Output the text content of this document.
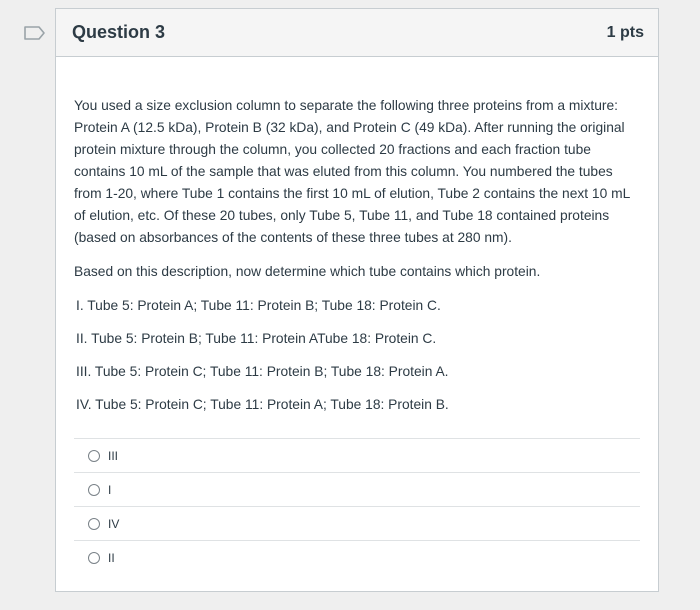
Question 3	1 pts

You used a size exclusion column to separate the following three proteins from a mixture: Protein A (12.5 kDa), Protein B (32 kDa), and Protein C (49 kDa). After running the original protein mixture through the column, you collected 20 fractions and each fraction tube contains 10 mL of the sample that was eluted from this column. You numbered the tubes from 1-20, where Tube 1 contains the first 10 mL of elution, Tube 2 contains the next 10 mL of elution, etc. Of these 20 tubes, only Tube 5, Tube 11, and Tube 18 contained proteins (based on absorbances of the contents of these three tubes at 280 nm).

Based on this description, now determine which tube contains which protein.

I. Tube 5: Protein A; Tube 11: Protein B; Tube 18: Protein C.
II. Tube 5: Protein B; Tube 11: Protein ATube 18: Protein C.
III. Tube 5: Protein C; Tube 11: Protein B; Tube 18: Protein A.
IV. Tube 5: Protein C; Tube 11: Protein A; Tube 18: Protein B.
III
I
IV
II
